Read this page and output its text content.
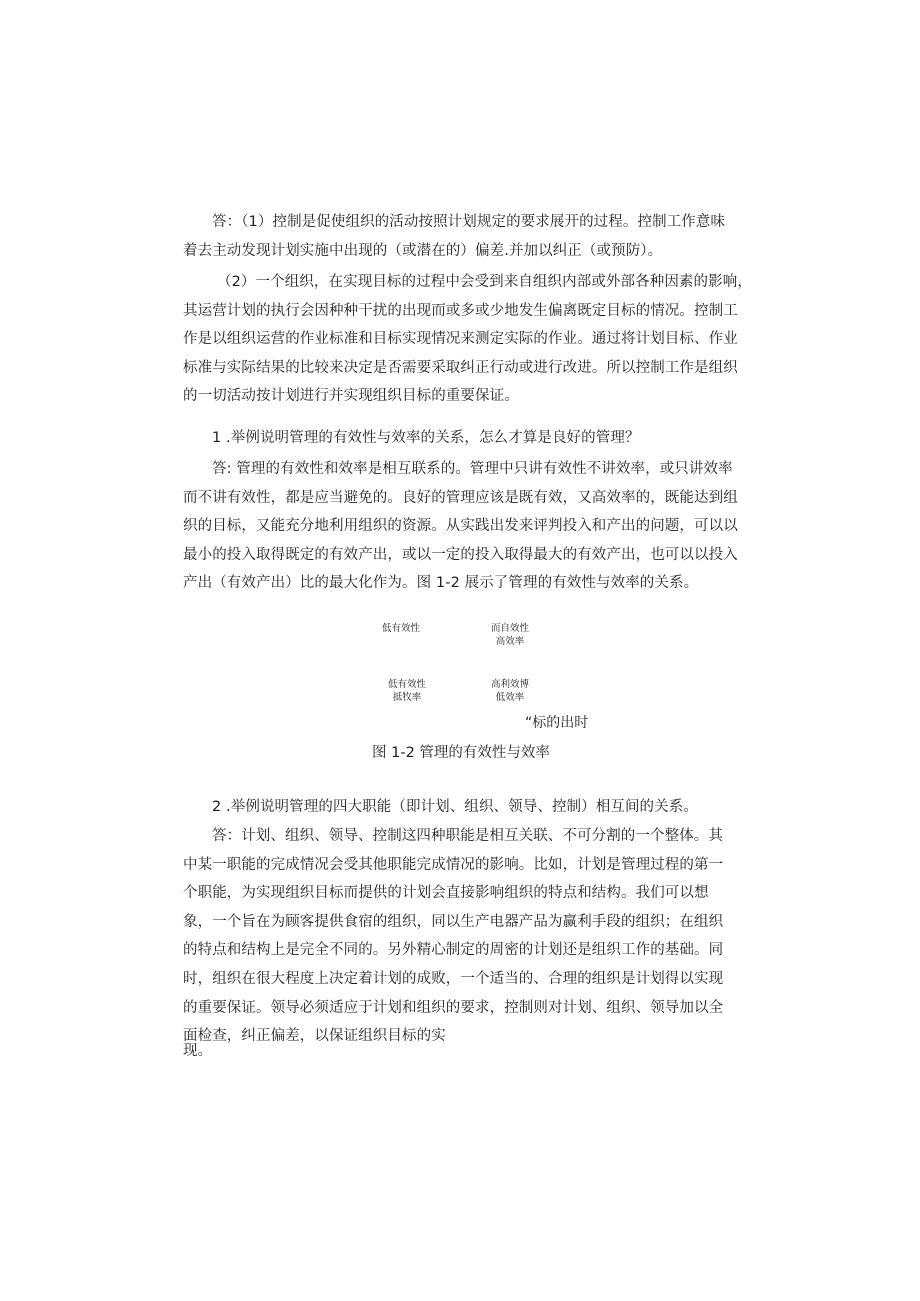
答：（1）控制是促使组织的活动按照计划规定的要求展开的过程。控制工作意味
着去主动发现计划实施中出现的（或潜在的）偏差.并加以纠正（或预防）。
（2）一个组织，在实现目标的过程中会受到来自组织内部或外部各种因素的影响，
其运营计划的执行会因种种干扰的出现而或多或少地发生偏离既定目标的情况。控制工
作是以组织运营的作业标准和目标实现情况来测定实际的作业。通过将计划目标、作业
标准与实际结果的比较来决定是否需要采取纠正行动或进行改进。所以控制工作是组织
的一切活动按计划进行并实现组织目标的重要保证。
1 .举例说明管理的有效性与效率的关系，怎么才算是良好的管理？
答: 管理的有效性和效率是相互联系的。管理中只讲有效性不讲效率，或只讲效率
而不讲有效性，都是应当避免的。良好的管理应该是既有效，又高效率的，既能达到组
织的目标，又能充分地利用组织的资源。从实践出发来评判投入和产出的问题，可以以
最小的投入取得既定的有效产出，或以一定的投入取得最大的有效产出，也可以以投入
产出（有效产出）比的最大化作为。图 1-2 展示了管理的有效性与效率的关系。
低有效性	而自效性
高效率
低有效性
抵牧率
高利效博
低效率
“标的出时
图 1-2 管理的有效性与效率
2 .举例说明管理的四大职能（即计划、组织、领导、控制）相互间的关系。
答：计划、组织、领导、控制这四种职能是相互关联、不可分割的一个整体。其
中某一职能的完成情况会受其他职能完成情况的影响。比如，计划是管理过程的第一
个职能，为实现组织目标而提供的计划会直接影响组织的特点和结构。我们可以想
象，一个旨在为顾客提供食宿的组织，同以生产电器产品为赢利手段的组织；在组织
的特点和结构上是完全不同的。另外精心制定的周密的计划还是组织工作的基础。同
时，组织在很大程度上决定着计划的成败，一个适当的、合理的组织是计划得以实现
的重要保证。领导必须适应于计划和组织的要求，控制则对计划、组织、领导加以全
面检查，纠正偏差，以保证组织目标的实
现。
